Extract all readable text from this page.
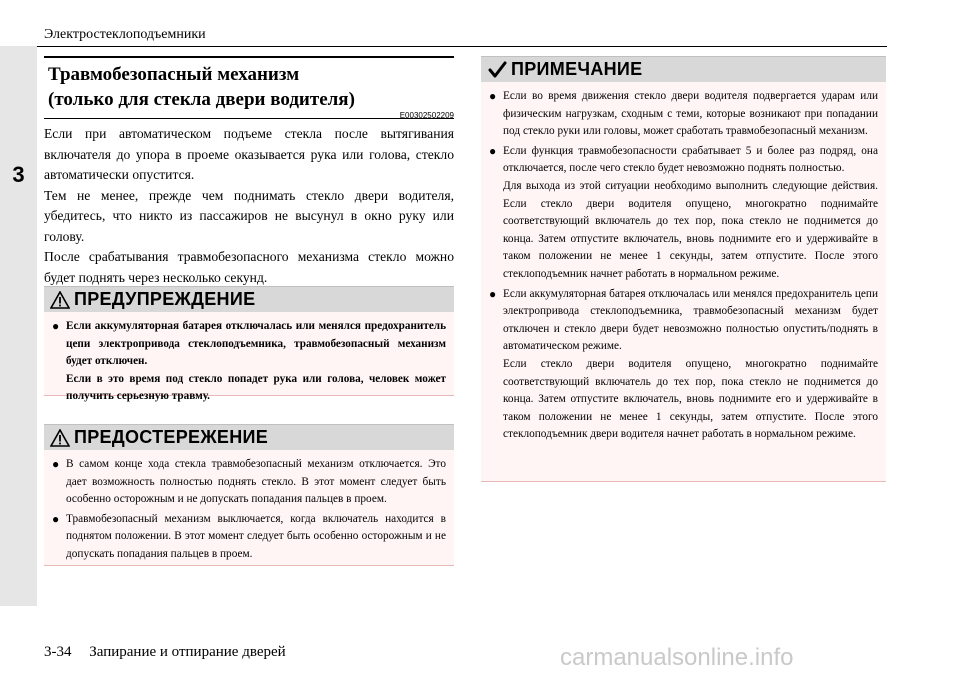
Электростеклоподъемники
3
Травмобезопасный механизм
(только для стекла двери водителя)
E00302502209

Если при автоматическом подъеме стекла после вытягивания включателя до упора в проеме оказывается рука или голова, стекло автоматически опустится.

Тем не менее, прежде чем поднимать стекло двери водителя, убедитесь, что никто из пассажиров не высунул в окно руку или голову.

После срабатывания травмобезопасного механизма стекло можно будет поднять через несколько секунд.

ПРЕДУПРЕЖДЕНИЕ
● Если аккумуляторная батарея отключалась или менялся предохранитель цепи электропривода стеклоподъемника, травмобезопасный механизм будет отключен.

Если в это время под стекло попадет рука или голова, человек может получить серьезную травму.

ПРЕДОСТЕРЕЖЕНИЕ
● В самом конце хода стекла травмобезопасный механизм отключается. Это дает возможность полностью поднять стекло. В этот момент следует быть особенно осторожным и не допускать попадания пальцев в проем.

● Травмобезопасный механизм выключается, когда включатель находится в поднятом положении. В этот момент следует быть особенно осторожным и не допускать попадания пальцев в проем.

ПРИМЕЧАНИЕ
● Если во время движения стекло двери водителя подвергается ударам или физическим нагрузкам, сходным с теми, которые возникают при попадании под стекло руки или головы, может сработать травмобезопасный механизм.

● Если функция травмобезопасности срабатывает 5 и более раз подряд, она отключается, после чего стекло будет невозможно поднять полностью.

Для выхода из этой ситуации необходимо выполнить следующие действия. Если стекло двери водителя опущено, многократно поднимайте соответствующий включатель до тех пор, пока стекло не поднимется до конца. Затем отпустите включатель, вновь поднимите его и удерживайте в таком положении не менее 1 секунды, затем отпустите. После этого стеклоподъемник начнет работать в нормальном режиме.

● Если аккумуляторная батарея отключалась или менялся предохранитель цепи электропривода стеклоподъемника, травмобезопасный механизм будет отключен и стекло двери будет невозможно полностью опустить/поднять в автоматическом режиме.

Если стекло двери водителя опущено, многократно поднимайте соответствующий включатель до тех пор, пока стекло не поднимется до конца. Затем отпустите включатель, вновь поднимите его и удерживайте в таком положении не менее 1 секунды, затем отпустите. После этого стеклоподъемник двери водителя начнет работать в нормальном режиме.

3-34 Запирание и отпирание дверей	carmanualsonline.info
